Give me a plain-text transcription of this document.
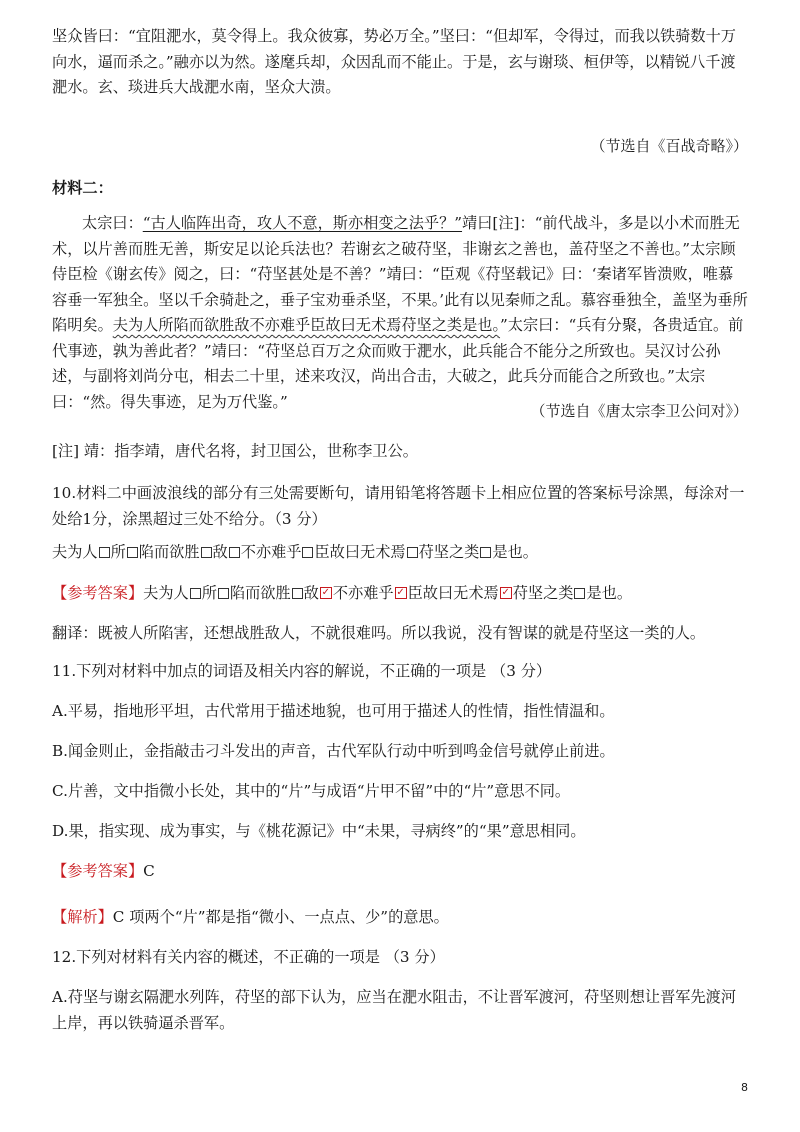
坚众皆曰：“宜阻淝水，莫令得上。我众彼寡，势必万全。”坚曰：“但却军，令得过，而我以铁骑数十万向水，逼而杀之。”融亦以为然。遂麾兵却，众因乱而不能止。于是，玄与谢琰、桓伊等，以精锐八千渡淝水。玄、琰进兵大战淝水南，坚众大溃。

（节选自《百战奇略》）

材料二：

太宗曰：“古人临阵出奇，攻人不意，斯亦相变之法乎？”靖曰[注]：“前代战斗，多是以小术而胜无术，以片善而胜无善，斯安足以论兵法也？若谢玄之破苻坚，非谢玄之善也，盖苻坚之不善也。”太宗顾侍臣检《谢玄传》阅之，曰：“苻坚甚处是不善？”靖曰：“臣观《苻坚载记》曰：‘秦诸军皆溃败，唯慕容垂一军独全。坚以千余骑赴之，垂子宝劝垂杀坚，不果。’此有以见秦师之乱。慕容垂独全，盖坚为垂所陷明矣。夫为人所陷而欲胜敌不亦难乎臣故曰无术焉苻坚之类是也。”太宗曰：“兵有分聚，各贵适宜。前代事迹，孰为善此者？”靖曰：“苻坚总百万之众而败于淝水，此兵能合不能分之所致也。吴汉讨公孙述，与副将刘尚分屯，相去二十里，述来攻汉，尚出合击，大破之，此兵分而能合之所致也。”太宗曰：“然。得失事迹，足为万代鉴。”

（节选自《唐太宗李卫公问对》）

[注] 靖：指李靖，唐代名将，封卫国公，世称李卫公。

10.材料二中画波浪线的部分有三处需要断句，请用铅笔将答题卡上相应位置的答案标号涂黑，每涂对一处给1分，涂黑超过三处不给分。（3 分）

夫为人 所 陷而欲胜 敌 不亦难乎 臣故曰无术焉 苻坚之类 是也。

【参考答案】夫为人 所 陷而欲胜 敌 ✓ 不亦难乎 ✓ 臣故曰无术焉 ✓ 苻坚之类 是也。

翻译：既被人所陷害，还想战胜敌人，不就很难吗。所以我说，没有智谋的就是苻坚这一类的人。

11.下列对材料中加点的词语及相关内容的解说，不正确的一项是 （3 分）

A.平易，指地形平坦，古代常用于描述地貌，也可用于描述人的性情，指性情温和。

B.闻金则止，金指敲击刁斗发出的声音，古代军队行动中听到鸣金信号就停止前进。

C.片善，文中指微小长处，其中的“片”与成语“片甲不留”中的“片”意思不同。

D.果，指实现、成为事实，与《桃花源记》中“未果，寻病终”的“果”意思相同。

【参考答案】C

【解析】C 项两个“片”都是指“微小、一点点、少”的意思。

12.下列对材料有关内容的概述，不正确的一项是 （3 分）

A.苻坚与谢玄隔淝水列阵，苻坚的部下认为，应当在淝水阻击，不让晋军渡河，苻坚则想让晋军先渡河上岸，再以铁骑逼杀晋军。

8
